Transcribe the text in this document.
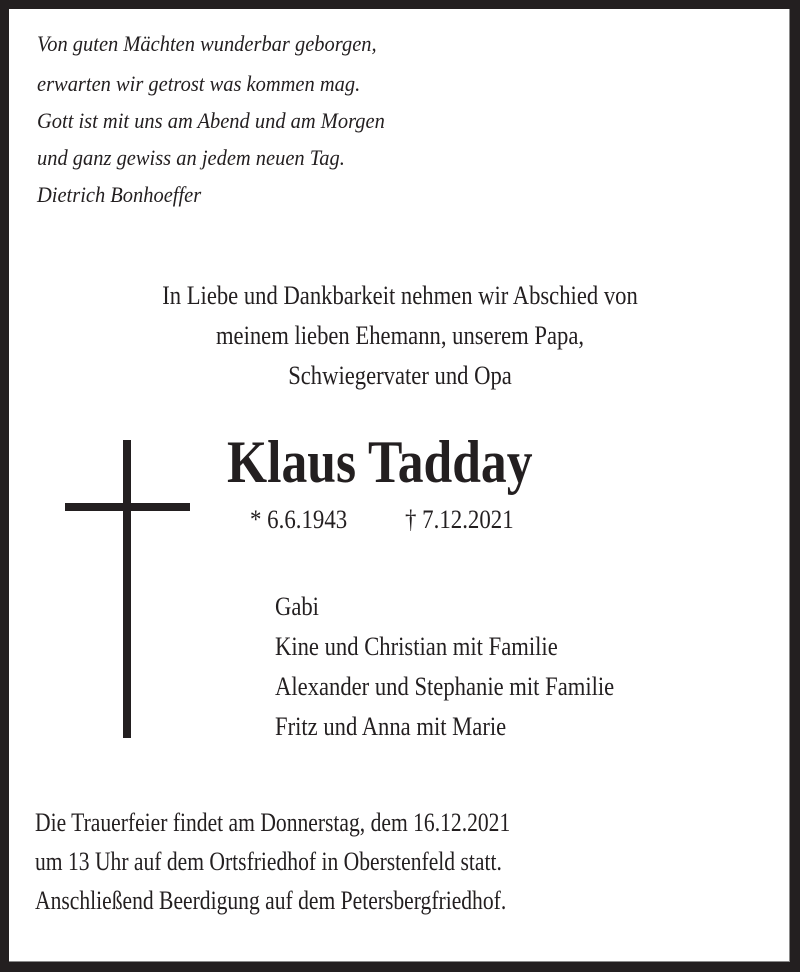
Von guten Mächten wunderbar geborgen,
erwarten wir getrost was kommen mag.
Gott ist mit uns am Abend und am Morgen
und ganz gewiss an jedem neuen Tag.
Dietrich Bonhoeffer
In Liebe und Dankbarkeit nehmen wir Abschied von
meinem lieben Ehemann, unserem Papa,
Schwiegervater und Opa
Klaus Tadday
* 6.6.1943 † 7.12.2021
Gabi
Kine und Christian mit Familie
Alexander und Stephanie mit Familie
Fritz und Anna mit Marie
Die Trauerfeier findet am Donnerstag, dem 16.12.2021
um 13 Uhr auf dem Ortsfriedhof in Oberstenfeld statt.
Anschließend Beerdigung auf dem Petersbergfriedhof.
